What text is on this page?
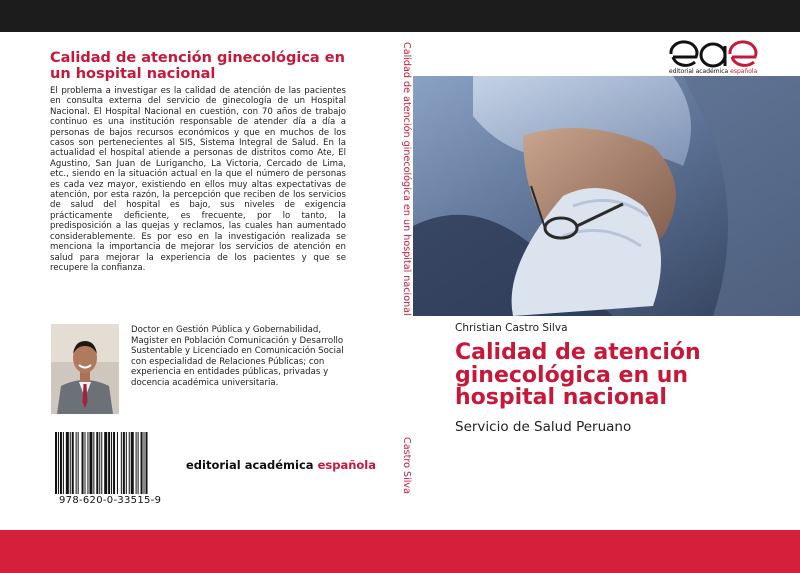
Calidad de atención ginecológica en un hospital nacional
El problema a investigar es la calidad de atención de las pacientes en consulta externa del servicio de ginecología de un Hospital Nacional. El Hospital Nacional en cuestión, con 70 años de trabajo continuo es una institución responsable de atender día a día a personas de bajos recursos económicos y que en muchos de los casos son pertenecientes al SIS, Sistema Integral de Salud. En la actualidad el hospital atiende a personas de distritos como Ate, El Agustino, San Juan de Lurigancho, La Victoria, Cercado de Lima, etc., siendo en la situación actual en la que el número de personas es cada vez mayor, existiendo en ellos muy altas expectativas de atención, por esta razón, la percepción que reciben de los servicios de salud del hospital es bajo, sus niveles de exigencia prácticamente deficiente, es frecuente, por lo tanto, la predisposición a las quejas y reclamos, las cuales han aumentado considerablemente. Es por eso en la investigación realizada se menciona la importancia de mejorar los servicios de atención en salud para mejorar la experiencia de los pacientes y que se recupere la confianza.
Doctor en Gestión Pública y Gobernabilidad, Magister en Población Comunicación y Desarrollo Sustentable y Licenciado en Comunicación Social con especialidad de Relaciones Públicas; con experiencia en entidades públicas, privadas y docencia académica universitaria.
978-620-0-33515-9
editorial académica española
Calidad de atención ginecológica en un hospital nacional
Castro Silva
editorial académica española
Christian Castro Silva
Calidad de atención ginecológica en un hospital nacional
Servicio de Salud Peruano
